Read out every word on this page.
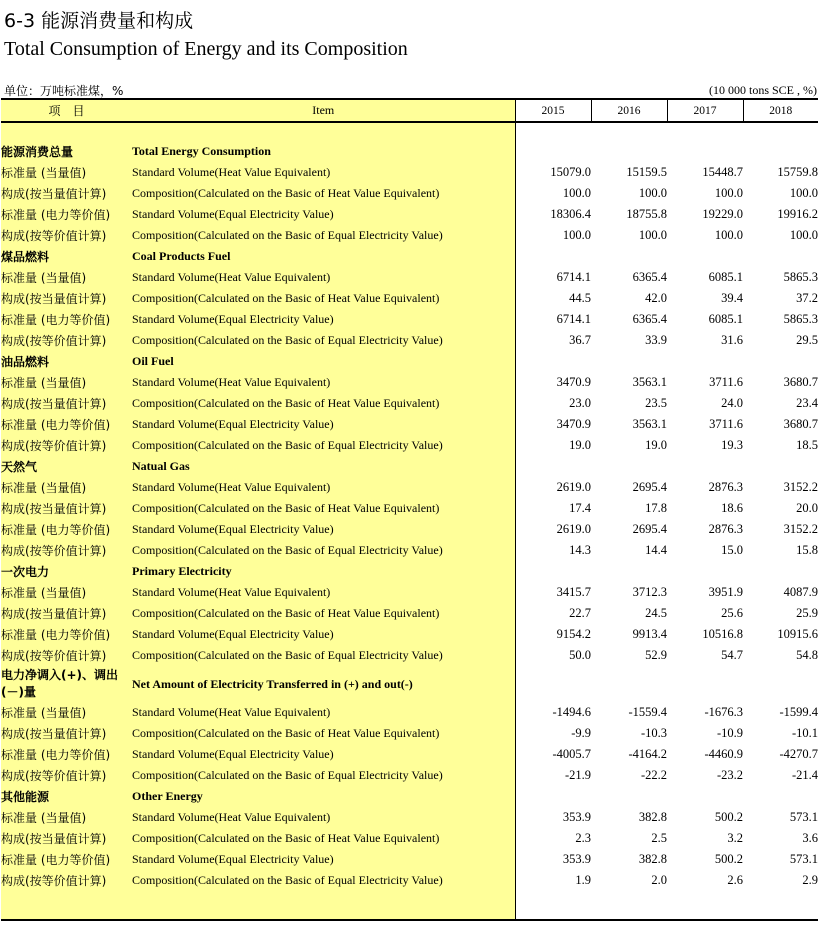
6-3 能源消费量和构成
Total Consumption of Energy and its Composition
单位：万吨标准煤，%	(10 000 tons SCE , %)
项　目	Item	2015	2016	2017	2018

能源消费总量	Total Energy Consumption				
标准量 (当量值)	Standard Volume(Heat Value Equivalent)	15079.0	15159.5	15448.7	15759.8
构成(按当量值计算)	Composition(Calculated on the Basic of Heat Value Equivalent)	100.0	100.0	100.0	100.0
标准量 (电力等价值)	Standard Volume(Equal Electricity Value)	18306.4	18755.8	19229.0	19916.2
构成(按等价值计算)	Composition(Calculated on the Basic of Equal Electricity Value)	100.0	100.0	100.0	100.0
煤品燃料	Coal Products Fuel				
标准量 (当量值)	Standard Volume(Heat Value Equivalent)	6714.1	6365.4	6085.1	5865.3
构成(按当量值计算)	Composition(Calculated on the Basic of Heat Value Equivalent)	44.5	42.0	39.4	37.2
标准量 (电力等价值)	Standard Volume(Equal Electricity Value)	6714.1	6365.4	6085.1	5865.3
构成(按等价值计算)	Composition(Calculated on the Basic of Equal Electricity Value)	36.7	33.9	31.6	29.5
油品燃料	Oil Fuel				
标准量 (当量值)	Standard Volume(Heat Value Equivalent)	3470.9	3563.1	3711.6	3680.7
构成(按当量值计算)	Composition(Calculated on the Basic of Heat Value Equivalent)	23.0	23.5	24.0	23.4
标准量 (电力等价值)	Standard Volume(Equal Electricity Value)	3470.9	3563.1	3711.6	3680.7
构成(按等价值计算)	Composition(Calculated on the Basic of Equal Electricity Value)	19.0	19.0	19.3	18.5
天然气	Natual Gas				
标准量 (当量值)	Standard Volume(Heat Value Equivalent)	2619.0	2695.4	2876.3	3152.2
构成(按当量值计算)	Composition(Calculated on the Basic of Heat Value Equivalent)	17.4	17.8	18.6	20.0
标准量 (电力等价值)	Standard Volume(Equal Electricity Value)	2619.0	2695.4	2876.3	3152.2
构成(按等价值计算)	Composition(Calculated on the Basic of Equal Electricity Value)	14.3	14.4	15.0	15.8
一次电力	Primary Electricity				
标准量 (当量值)	Standard Volume(Heat Value Equivalent)	3415.7	3712.3	3951.9	4087.9
构成(按当量值计算)	Composition(Calculated on the Basic of Heat Value Equivalent)	22.7	24.5	25.6	25.9
标准量 (电力等价值)	Standard Volume(Equal Electricity Value)	9154.2	9913.4	10516.8	10915.6
构成(按等价值计算)	Composition(Calculated on the Basic of Equal Electricity Value)	50.0	52.9	54.7	54.8
电力净调入(+)、调出(－)量	Net Amount of Electricity Transferred in (+) and out(-)				
标准量 (当量值)	Standard Volume(Heat Value Equivalent)	-1494.6	-1559.4	-1676.3	-1599.4
构成(按当量值计算)	Composition(Calculated on the Basic of Heat Value Equivalent)	-9.9	-10.3	-10.9	-10.1
标准量 (电力等价值)	Standard Volume(Equal Electricity Value)	-4005.7	-4164.2	-4460.9	-4270.7
构成(按等价值计算)	Composition(Calculated on the Basic of Equal Electricity Value)	-21.9	-22.2	-23.2	-21.4
其他能源	Other Energy				
标准量 (当量值)	Standard Volume(Heat Value Equivalent)	353.9	382.8	500.2	573.1
构成(按当量值计算)	Composition(Calculated on the Basic of Heat Value Equivalent)	2.3	2.5	3.2	3.6
标准量 (电力等价值)	Standard Volume(Equal Electricity Value)	353.9	382.8	500.2	573.1
构成(按等价值计算)	Composition(Calculated on the Basic of Equal Electricity Value)	1.9	2.0	2.6	2.9
